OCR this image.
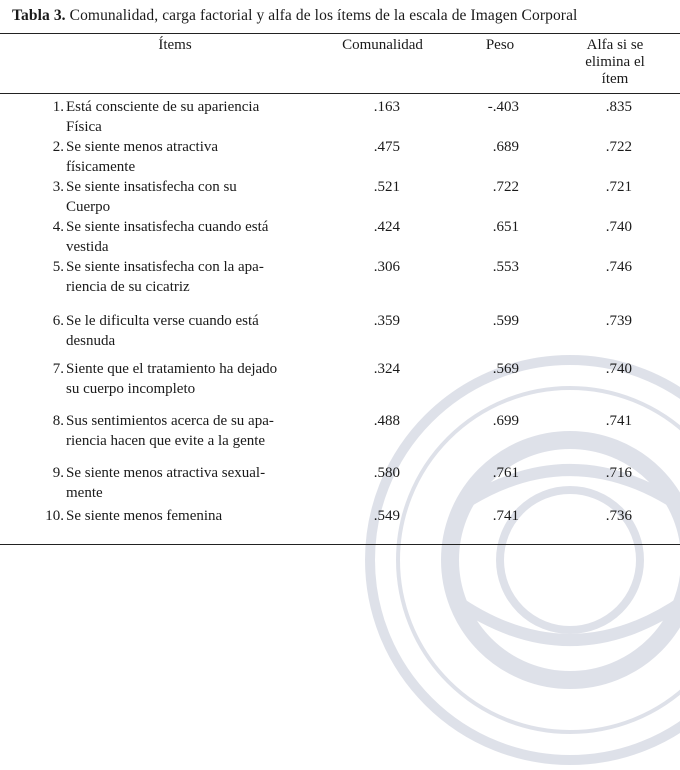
Tabla 3. Comunalidad, carga factorial y alfa de los ítems de la escala de Imagen Corporal
Ítems	Comunalidad	Peso	Alfa si se
elimina el
ítem
1. Está consciente de su apariencia
Física
.163	-.403	.835
2. Se siente menos atractiva
físicamente
.475	.689	.722
3. Se siente insatisfecha con su
Cuerpo
.521	.722	.721
4. Se siente insatisfecha cuando está
vestida
.424	.651	.740
5. Se siente insatisfecha con la apa-
riencia de su cicatriz
.306	.553	.746
6. Se le dificulta verse cuando está
desnuda
.359	.599	.739
7. Siente que el tratamiento ha dejado
su cuerpo incompleto
.324	.569	.740
8. Sus sentimientos acerca de su apa-
riencia hacen que evite a la gente
.488	.699	.741
9. Se siente menos atractiva sexual-
mente
.580	.761	.716
10. Se siente menos femenina	.549	.741	.736
